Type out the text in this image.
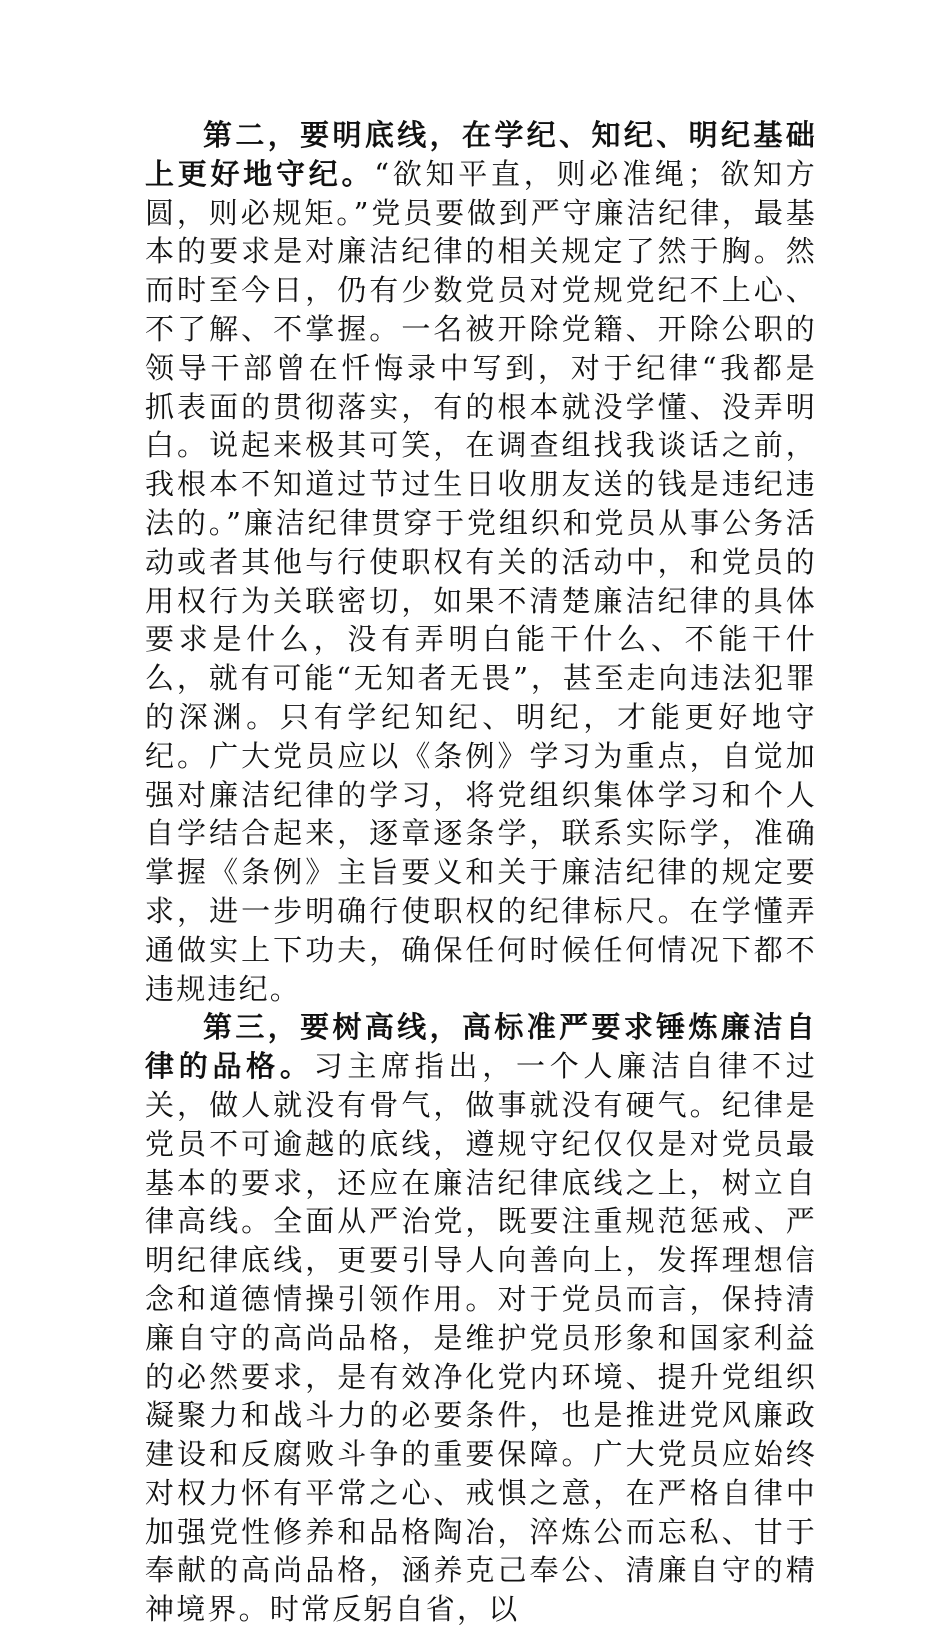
第二，要明底线，在学纪、知纪、明纪基础上更好地守纪。“欲知平直，则必准绳；欲知方圆，则必规矩。”党员要做到严守廉洁纪律，最基本的要求是对廉洁纪律的相关规定了然于胸。然而时至今日，仍有少数党员对党规党纪不上心、不了解、不掌握。一名被开除党籍、开除公职的领导干部曾在忏悔录中写到，对于纪律“我都是抓表面的贯彻落实，有的根本就没学懂、没弄明白。说起来极其可笑，在调查组找我谈话之前，我根本不知道过节过生日收朋友送的钱是违纪违法的。”廉洁纪律贯穿于党组织和党员从事公务活动或者其他与行使职权有关的活动中，和党员的用权行为关联密切，如果不清楚廉洁纪律的具体要求是什么，没有弄明白能干什么、不能干什么，就有可能“无知者无畏”，甚至走向违法犯罪的深渊。只有学纪知纪、明纪，才能更好地守纪。广大党员应以《条例》学习为重点，自觉加强对廉洁纪律的学习，将党组织集体学习和个人自学结合起来，逐章逐条学，联系实际学，准确掌握《条例》主旨要义和关于廉洁纪律的规定要求，进一步明确行使职权的纪律标尺。在学懂弄通做实上下功夫，确保任何时候任何情况下都不违规违纪。

第三，要树高线，高标准严要求锤炼廉洁自律的品格。习主席指出，一个人廉洁自律不过关，做人就没有骨气，做事就没有硬气。纪律是党员不可逾越的底线，遵规守纪仅仅是对党员最基本的要求，还应在廉洁纪律底线之上，树立自律高线。全面从严治党，既要注重规范惩戒、严明纪律底线，更要引导人向善向上，发挥理想信念和道德情操引领作用。对于党员而言，保持清廉自守的高尚品格，是维护党员形象和国家利益的必然要求，是有效净化党内环境、提升党组织凝聚力和战斗力的必要条件，也是推进党风廉政建设和反腐败斗争的重要保障。广大党员应始终对权力怀有平常之心、戒惧之意，在严格自律中加强党性修养和品格陶冶，淬炼公而忘私、甘于奉献的高尚品格，涵养克己奉公、清廉自守的精神境界。时常反躬自省，以
